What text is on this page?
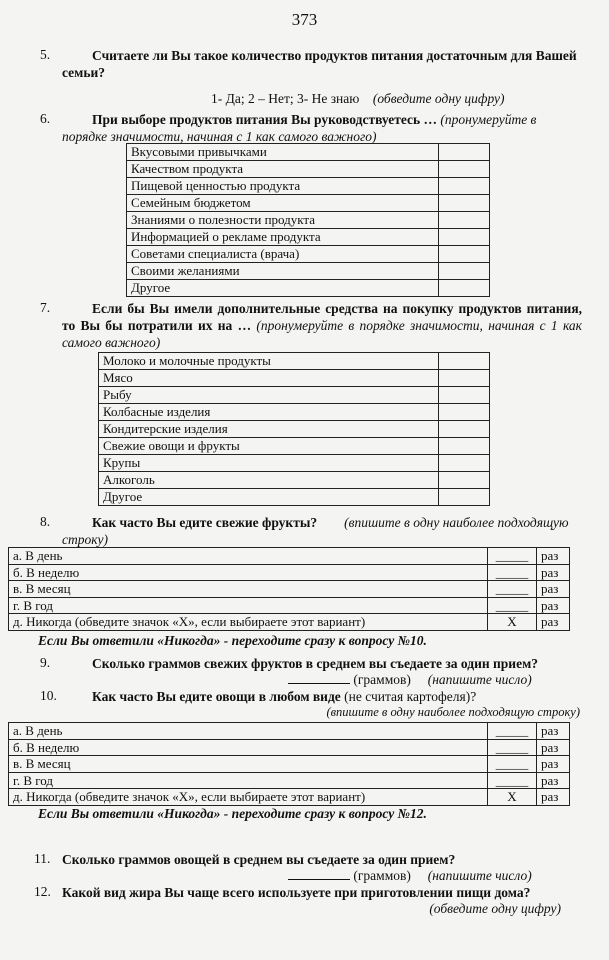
373
5.	Считаете ли Вы такое количество продуктов питания достаточным для Вашей семьи?
1- Да; 2 – Нет; 3- Не знаю (обведите одну цифру)
6.	При выборе продуктов питания Вы руководствуетесь … (пронумеруйте в порядке значимости, начиная с 1 как самого важного)
Вкусовыми привычками	
Качеством продукта	
Пищевой ценностью продукта	
Семейным бюджетом	
Знаниями о полезности продукта	
Информацией о рекламе продукта	
Советами специалиста (врача)	
Своими желаниями	
Другое	
7.	Если бы Вы имели дополнительные средства на покупку продуктов питания, то Вы бы потратили их на … (пронумеруйте в порядке значимости, начиная с 1 как самого важного)
Молоко и молочные продукты	
Мясо	
Рыбу	
Колбасные изделия	
Кондитерские изделия	
Свежие овощи и фрукты	
Крупы	
Алкоголь	
Другое	
8.	Как часто Вы едите свежие фрукты? (впишите в одну наиболее подходящую строку)
а. В день	_____	раз
б. В неделю	_____	раз
в. В месяц	_____	раз
г. В год	_____	раз
д. Никогда (обведите значок «Х», если выбираете этот вариант)	Х	раз
Если Вы ответили «Никогда» - переходите сразу к вопросу №10.
9.	Сколько граммов свежих фруктов в среднем вы съедаете за один прием?
(граммов) (напишите число)
10.	Как часто Вы едите овощи в любом виде (не считая картофеля)?
(впишите в одну наиболее подходящую строку)
а. В день	_____	раз
б. В неделю	_____	раз
в. В месяц	_____	раз
г. В год	_____	раз
д. Никогда (обведите значок «Х», если выбираете этот вариант)	Х	раз
Если Вы ответили «Никогда» - переходите сразу к вопросу №12.
11. Сколько граммов овощей в среднем вы съедаете за один прием?
(граммов) (напишите число)
12. Какой вид жира Вы чаще всего используете при приготовлении пищи дома?
(обведите одну цифру)
